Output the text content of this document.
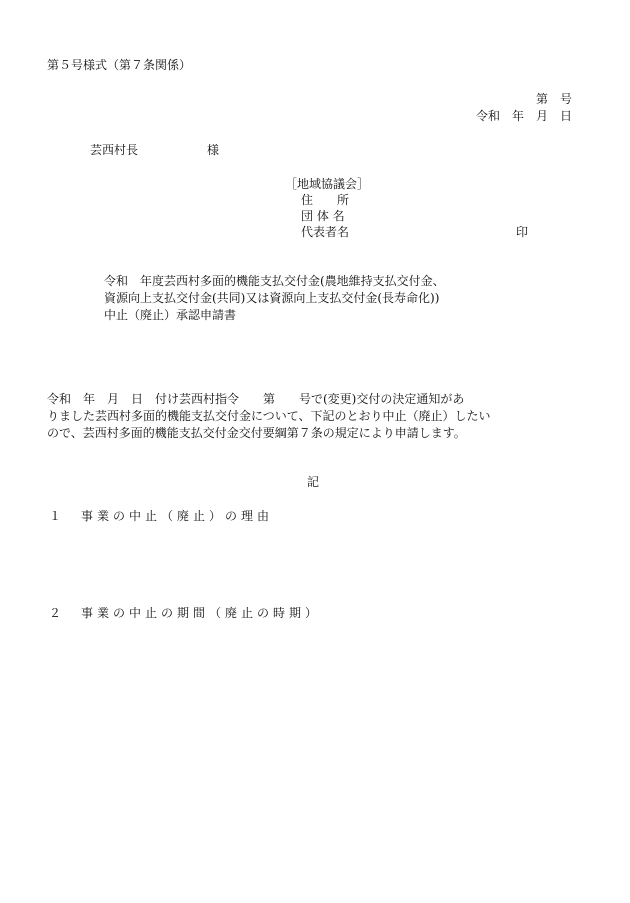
第５号様式（第７条関係）

第　号

令和　年　月　日

芸西村長	様

［地域協議会］

住　　所

団 体 名

代表者名	印

令和　年度芸西村多面的機能支払交付金(農地維持支払交付金、

資源向上支払交付金(共同)又は資源向上支払交付金(長寿命化))

中止（廃止）承認申請書

令和　年　月　日　付け芸西村指令　　第　　号で(変更)交付の決定通知があ

りました芸西村多面的機能支払交付金について、下記のとおり中止（廃止）したい

ので、芸西村多面的機能支払交付金交付要綱第７条の規定により申請します。

記

１　事業の中止（廃止）の理由

２　事業の中止の期間（廃止の時期）
